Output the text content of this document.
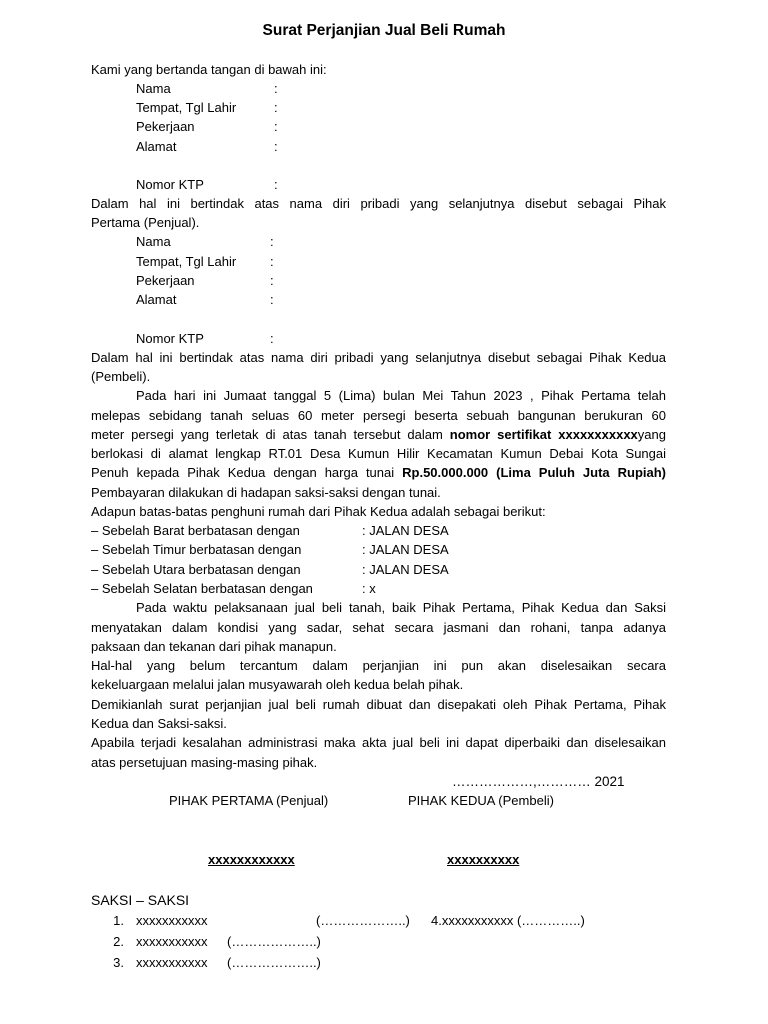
Surat Perjanjian Jual Beli Rumah
Kami yang bertanda tangan di bawah ini:
Nama	:
Tempat, Tgl Lahir	:
Pekerjaan	:
Alamat	:
Nomor KTP	:
Dalam hal ini bertindak atas nama diri pribadi yang selanjutnya disebut sebagai Pihak
Pertama (Penjual).
Nama	:
Tempat, Tgl Lahir	:
Pekerjaan	:
Alamat	:
Nomor KTP	:
Dalam hal ini bertindak atas nama diri pribadi yang selanjutnya disebut sebagai Pihak Kedua
(Pembeli).
Pada hari ini Jumaat tanggal 5 (Lima) bulan Mei Tahun 2023 , Pihak Pertama telah
melepas sebidang tanah seluas 60 meter persegi beserta sebuah bangunan berukuran 60
meter persegi yang terletak di atas tanah tersebut dalam nomor sertifikat xxxxxxxxxxxyang
berlokasi di alamat lengkap RT.01 Desa Kumun Hilir Kecamatan Kumun Debai Kota Sungai
Penuh kepada Pihak Kedua dengan harga tunai Rp.50.000.000 (Lima Puluh Juta Rupiah)
Pembayaran dilakukan di hadapan saksi-saksi dengan tunai.
Adapun batas-batas penghuni rumah dari Pihak Kedua adalah sebagai berikut:
– Sebelah Barat berbatasan dengan	: JALAN DESA
– Sebelah Timur berbatasan dengan	: JALAN DESA
– Sebelah Utara berbatasan dengan	: JALAN DESA
– Sebelah Selatan berbatasan dengan	: x
Pada waktu pelaksanaan jual beli tanah, baik Pihak Pertama, Pihak Kedua dan Saksi
menyatakan dalam kondisi yang sadar, sehat secara jasmani dan rohani, tanpa adanya
paksaan dan tekanan dari pihak manapun.
Hal-hal yang belum tercantum dalam perjanjian ini pun akan diselesaikan secara
kekeluargaan melalui jalan musyawarah oleh kedua belah pihak.
Demikianlah surat perjanjian jual beli rumah dibuat dan disepakati oleh Pihak Pertama, Pihak
Kedua dan Saksi-saksi.
Apabila terjadi kesalahan administrasi maka akta jual beli ini dapat diperbaiki dan diselesaikan
atas persetujuan masing-masing pihak.
………………,………… 2021
PIHAK PERTAMA (Penjual)	PIHAK KEDUA (Pembeli)
xxxxxxxxxxxx	xxxxxxxxxx
SAKSI – SAKSI
1. xxxxxxxxxxx	(………………..) 4.xxxxxxxxxxx (…………..)
2. xxxxxxxxxxx (………………..)
3. xxxxxxxxxxx (………………..)
